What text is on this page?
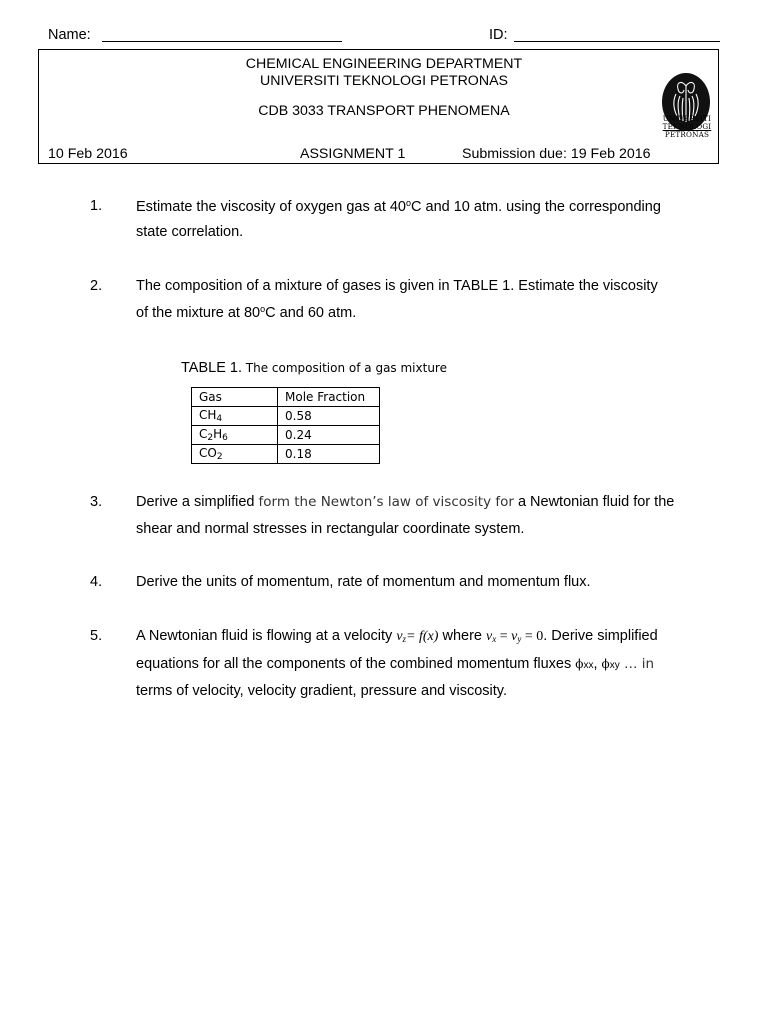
Name:	ID:
CHEMICAL ENGINEERING DEPARTMENT
UNIVERSITI TEKNOLOGI PETRONAS
CDB 3033 TRANSPORT PHENOMENA
10 Feb 2016	ASSIGNMENT 1	Submission due: 19 Feb 2016
UNIVERSITI
TEKNOLOGI
PETRONAS
1. Estimate the viscosity of oxygen gas at 40$^o$C and 10 atm. using the corresponding
state correlation.
2. The composition of a mixture of gases is given in TABLE 1. Estimate the viscosity
of the mixture at 80$^o$C and 60 atm.
TABLE 1. The composition of a gas mixture
Gas	Mole Fraction
$CH_4$	0.58
$C_2H_6$	0.24
$CO_2$	0.18
3. Derive a simplified form the Newton’s law of viscosity for a Newtonian fluid for the
shear and normal stresses in rectangular coordinate system.
4. Derive the units of momentum, rate of momentum and momentum flux.
5. A Newtonian fluid is flowing at a velocity $v_z= f(x)$ where $v_x = v_y = 0$. Derive simplified
equations for all the components of the combined momentum fluxes ϕxx, ϕxy … in
terms of velocity, velocity gradient, pressure and viscosity.
